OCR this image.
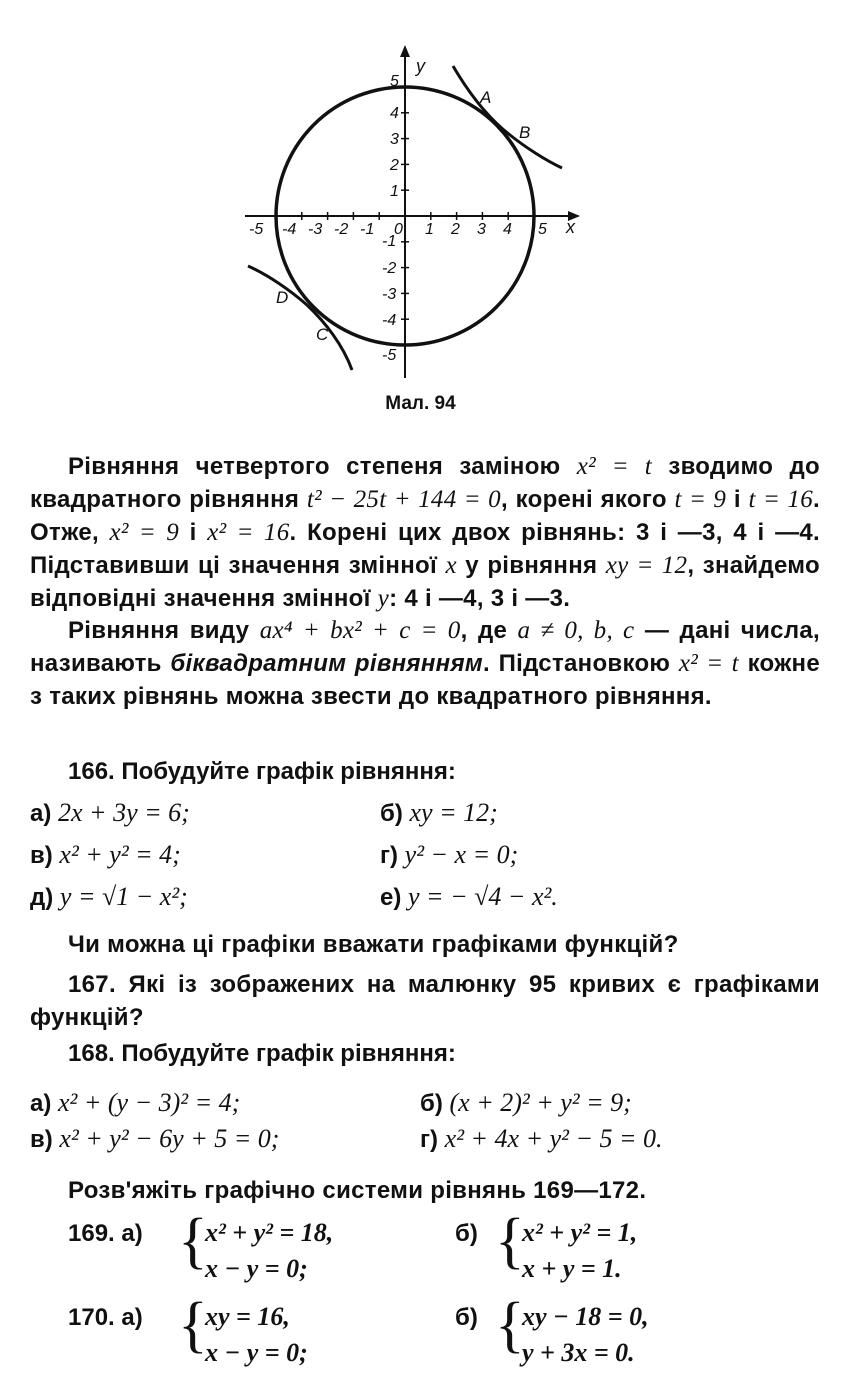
y
x
-5 -4 -3 -2 -1 0 1 2 3 4 5
5
4
3
2
1
-1
-2
-3
-4
-5
A
B
C
D
Мал. 94

Рівняння четвертого степеня заміною x² = t зводимо до квадратного рівняння t² − 25t + 144 = 0, корені якого t = 9 і t = 16. Отже, x² = 9 і x² = 16. Корені цих двох рівнянь: 3 і —3, 4 і —4. Підставивши ці значення змінної x у рівняння xy = 12, знайдемо відповідні значення змінної y: 4 і —4, 3 і —3.

Рівняння виду ax⁴ + bx² + c = 0, де a ≠ 0, b, c — дані числа, називають біквадратним рівнянням. Підстановкою x² = t кожне з таких рівнянь можна звести до квадратного рівняння.

166. Побудуйте графік рівняння:
а) 2x + 3y = 6;	б) xy = 12;
в) x² + y² = 4;	г) y² − x = 0;
д) y = √1 − x²;	е) y = − √4 − x².
Чи можна ці графіки вважати графіками функцій?

167. Які із зображених на малюнку 95 кривих є графіками функцій?

168. Побудуйте графік рівняння:
а) x² + (y − 3)² = 4;	б) (x + 2)² + y² = 9;
в) x² + y² − 6y + 5 = 0;	г) x² + 4x + y² − 5 = 0.
Розв'яжіть графічно системи рівнянь 169—172.
169. а) {
x² + y² = 18,
x − y = 0;
б) {
x² + y² = 1,
x + y = 1.
170. а) {
xy = 16,
x − y = 0;
б) {
xy − 18 = 0,
y + 3x = 0.
